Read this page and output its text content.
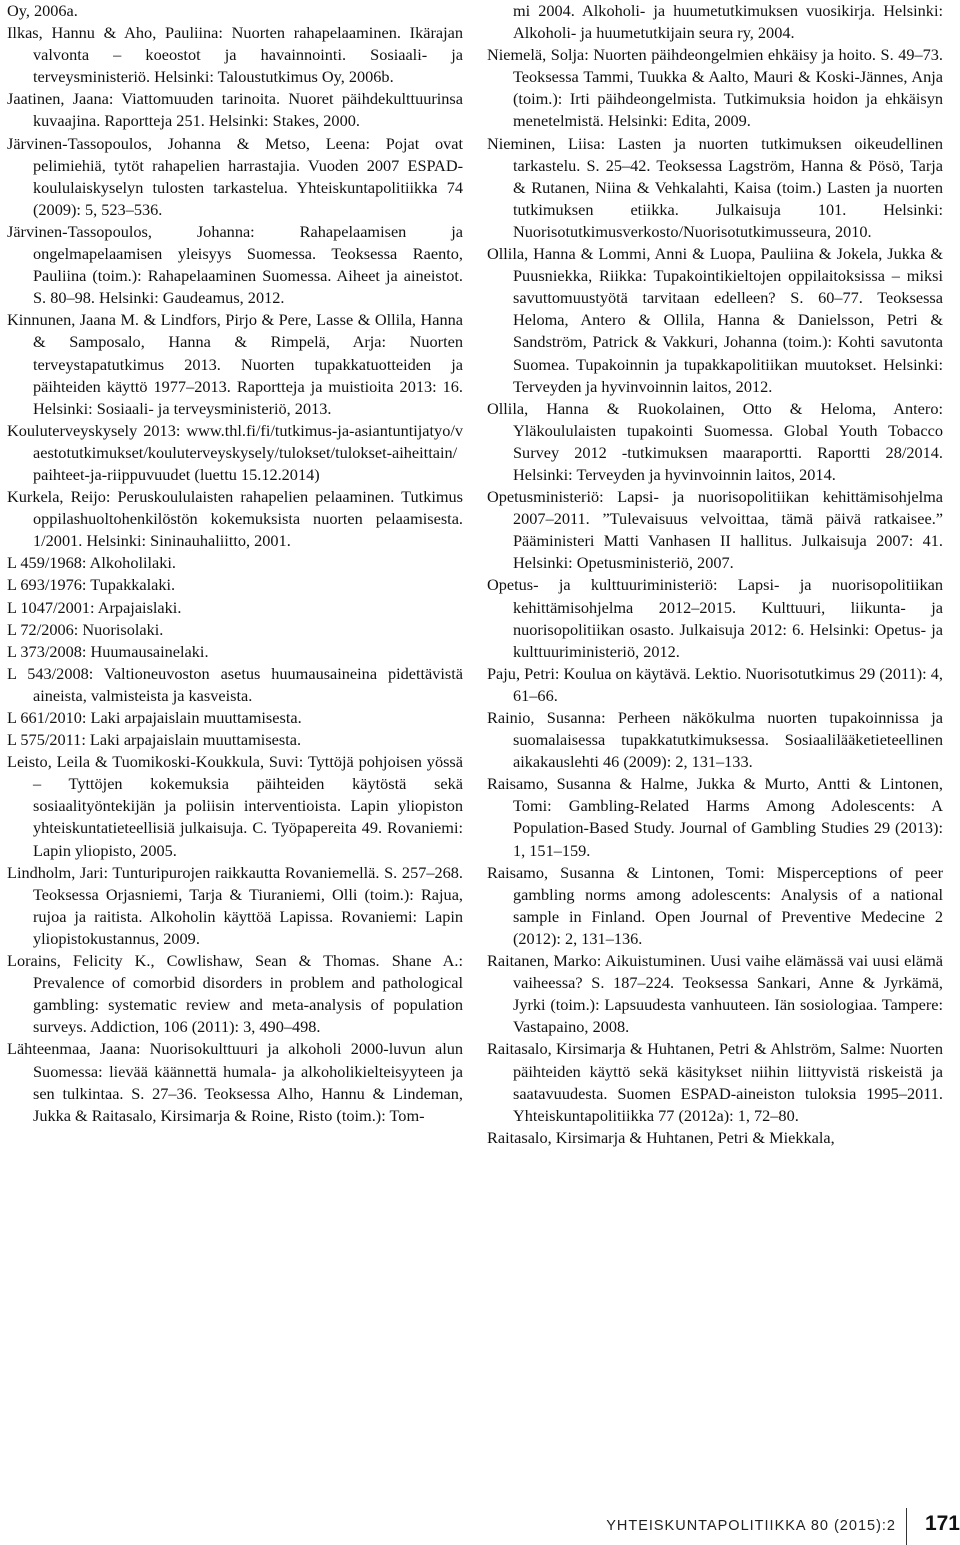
Oy, 2006a.

Ilkas, Hannu & Aho, Pauliina: Nuorten rahapelaaminen. Ikärajan valvonta – koeostot ja havainnointi. Sosiaali- ja terveysministeriö. Helsinki: Taloustutkimus Oy, 2006b.

Jaatinen, Jaana: Viattomuuden tarinoita. Nuoret päihdekulttuurinsa kuvaajina. Raportteja 251. Helsinki: Stakes, 2000.

Järvinen-Tassopoulos, Johanna & Metso, Leena: Pojat ovat pelimiehiä, tytöt rahapelien harrastajia. Vuoden 2007 ESPAD-koululaiskyselyn tulosten tarkastelua. Yhteiskuntapolitiikka 74 (2009): 5, 523–536.

Järvinen-Tassopoulos, Johanna: Rahapelaamisen ja ongelmapelaamisen yleisyys Suomessa. Teoksessa Raento, Pauliina (toim.): Rahapelaaminen Suomessa. Aiheet ja aineistot. S. 80–98. Helsinki: Gaudeamus, 2012.

Kinnunen, Jaana M. & Lindfors, Pirjo & Pere, Lasse & Ollila, Hanna & Samposalo, Hanna & Rimpelä, Arja: Nuorten terveystapatutkimus 2013. Nuorten tupakkatuotteiden ja päihteiden käyttö 1977–2013. Raportteja ja muistioita 2013: 16. Helsinki: Sosiaali- ja terveysministeriö, 2013.

Kouluterveyskysely 2013: www.thl.fi/fi/tutkimus-ja-asiantuntijatyo/vaestotutkimukset/kouluterveyskysely/tulokset/tulokset-aiheittain/paihteet-ja-riippuvuudet (luettu 15.12.2014)

Kurkela, Reijo: Peruskoululaisten rahapelien pelaaminen. Tutkimus oppilashuoltohenkilöstön kokemuksista nuorten pelaamisesta. 1/2001. Helsinki: Sininauhaliitto, 2001.

L 459/1968: Alkoholilaki.

L 693/1976: Tupakkalaki.

L 1047/2001: Arpajaislaki.

L 72/2006: Nuorisolaki.

L 373/2008: Huumausainelaki.

L 543/2008: Valtioneuvoston asetus huumausaineina pidettävistä aineista, valmisteista ja kasveista.

L 661/2010: Laki arpajaislain muuttamisesta.

L 575/2011: Laki arpajaislain muuttamisesta.

Leisto, Leila & Tuomikoski-Koukkula, Suvi: Tyttöjä pohjoisen yössä – Tyttöjen kokemuksia päihteiden käytöstä sekä sosiaalityöntekijän ja poliisin interventioista. Lapin yliopiston yhteiskuntatieteellisiä julkaisuja. C. Työpapereita 49. Rovaniemi: Lapin yliopisto, 2005.

Lindholm, Jari: Tunturipurojen raikkautta Rovaniemellä. S. 257–268. Teoksessa Orjasniemi, Tarja & Tiuraniemi, Olli (toim.): Rajua, rujoa ja raitista. Alkoholin käyttöä Lapissa. Rovaniemi: Lapin yliopistokustannus, 2009.

Lorains, Felicity K., Cowlishaw, Sean & Thomas. Shane A.: Prevalence of comorbid disorders in problem and pathological gambling: systematic review and meta-analysis of population surveys. Addiction, 106 (2011): 3, 490–498.

Lähteenmaa, Jaana: Nuorisokulttuuri ja alkoholi 2000-luvun alun Suomessa: lievää käännettä humala- ja alkoholikielteisyyteen ja sen tulkintaa. S. 27–36. Teoksessa Alho, Hannu & Lindeman, Jukka & Raitasalo, Kirsimarja & Roine, Risto (toim.): Tom-

mi 2004. Alkoholi- ja huumetutkimuksen vuosikirja. Helsinki: Alkoholi- ja huumetutkijain seura ry, 2004.

Niemelä, Solja: Nuorten päihdeongelmien ehkäisy ja hoito. S. 49–73. Teoksessa Tammi, Tuukka & Aalto, Mauri & Koski-Jännes, Anja (toim.): Irti päihdeongelmista. Tutkimuksia hoidon ja ehkäisyn menetelmistä. Helsinki: Edita, 2009.

Nieminen, Liisa: Lasten ja nuorten tutkimuksen oikeudellinen tarkastelu. S. 25–42. Teoksessa Lagström, Hanna & Pösö, Tarja & Rutanen, Niina & Vehkalahti, Kaisa (toim.) Lasten ja nuorten tutkimuksen etiikka. Julkaisuja 101. Helsinki: Nuorisotutkimusverkosto/Nuorisotutkimusseura, 2010.

Ollila, Hanna & Lommi, Anni & Luopa, Pauliina & Jokela, Jukka & Puusniekka, Riikka: Tupakointikieltojen oppilaitoksissa – miksi savuttomuustyötä tarvitaan edelleen? S. 60–77. Teoksessa Heloma, Antero & Ollila, Hanna & Danielsson, Petri & Sandström, Patrick & Vakkuri, Johanna (toim.): Kohti savutonta Suomea. Tupakoinnin ja tupakkapolitiikan muutokset. Helsinki: Terveyden ja hyvinvoinnin laitos, 2012.

Ollila, Hanna & Ruokolainen, Otto & Heloma, Antero: Yläkoululaisten tupakointi Suomessa. Global Youth Tobacco Survey 2012 -tutkimuksen maaraportti. Raportti 28/2014. Helsinki: Terveyden ja hyvinvoinnin laitos, 2014.

Opetusministeriö: Lapsi- ja nuorisopolitiikan kehittämisohjelma 2007–2011. ”Tulevaisuus velvoittaa, tämä päivä ratkaisee.” Pääministeri Matti Vanhasen II hallitus. Julkaisuja 2007: 41. Helsinki: Opetusministeriö, 2007.

Opetus- ja kulttuuriministeriö: Lapsi- ja nuorisopolitiikan kehittämisohjelma 2012–2015. Kulttuuri, liikunta- ja nuorisopolitiikan osasto. Julkaisuja 2012: 6. Helsinki: Opetus- ja kulttuuriministeriö, 2012.

Paju, Petri: Koulua on käytävä. Lektio. Nuorisotutkimus 29 (2011): 4, 61–66.

Rainio, Susanna: Perheen näkökulma nuorten tupakoinnissa ja suomalaisessa tupakkatutkimuksessa. Sosiaalilääketieteellinen aikakauslehti 46 (2009): 2, 131–133.

Raisamo, Susanna & Halme, Jukka & Murto, Antti & Lintonen, Tomi: Gambling-Related Harms Among Adolescents: A Population-Based Study. Journal of Gambling Studies 29 (2013): 1, 151–159.

Raisamo, Susanna & Lintonen, Tomi: Misperceptions of peer gambling norms among adolescents: Analysis of a national sample in Finland. Open Journal of Preventive Medecine 2 (2012): 2, 131–136.

Raitanen, Marko: Aikuistuminen. Uusi vaihe elämässä vai uusi elämä vaiheessa? S. 187–224. Teoksessa Sankari, Anne & Jyrkämä, Jyrki (toim.): Lapsuudesta vanhuuteen. Iän sosiologiaa. Tampere: Vastapaino, 2008.

Raitasalo, Kirsimarja & Huhtanen, Petri & Ahlström, Salme: Nuorten päihteiden käyttö sekä käsitykset niihin liittyvistä riskeistä ja saatavuudesta. Suomen ESPAD-aineiston tuloksia 1995–2011. Yhteiskuntapolitiikka 77 (2012a): 1, 72–80.

Raitasalo, Kirsimarja & Huhtanen, Petri & Miekkala,

YHTEISKUNTAPOLITIIKKA 80 (2015):2 171
